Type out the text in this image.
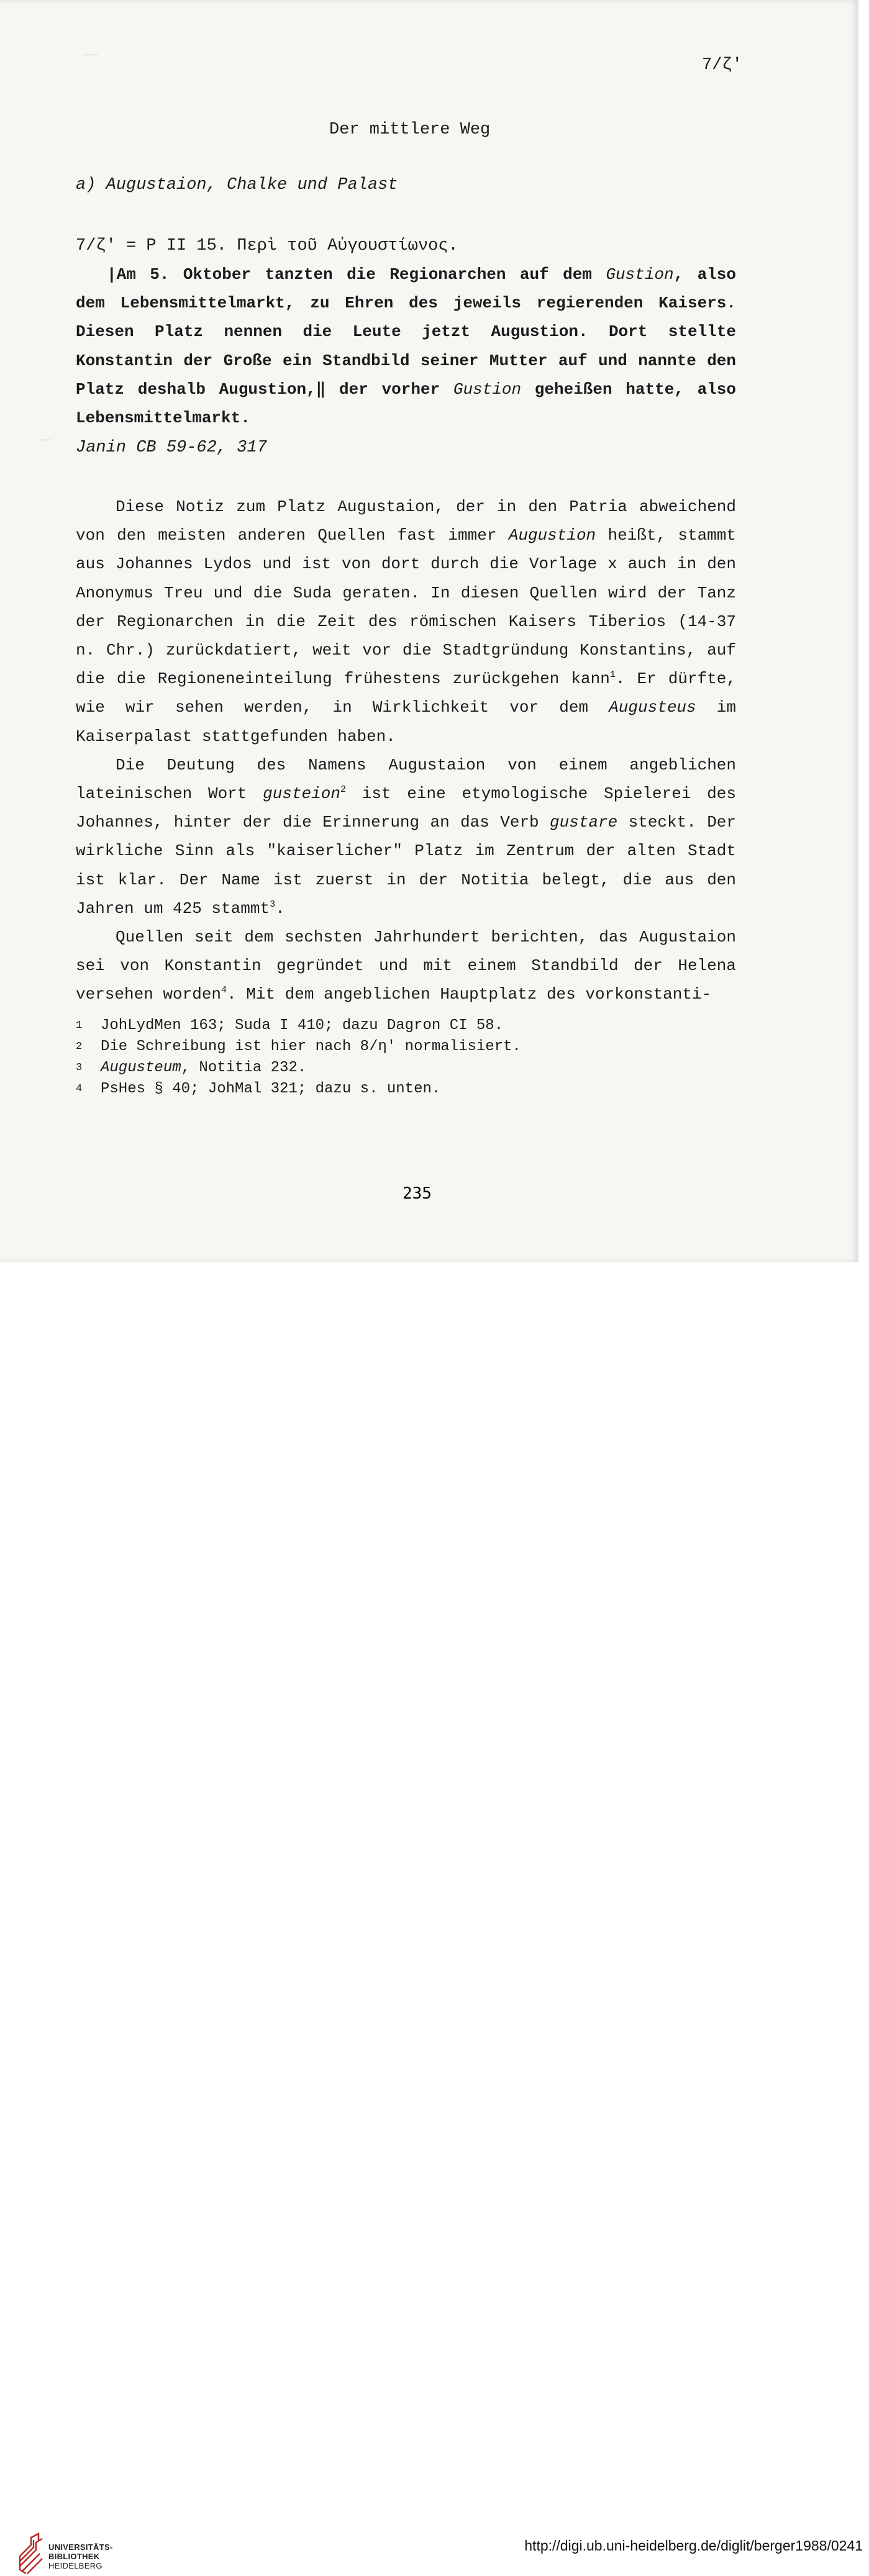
7/ζ'
Der mittlere Weg
a) Augustaion, Chalke und Palast
7/ζ' = P II 15. Περὶ τοῦ Αὐγουστίωνος.

|Am 5. Oktober tanzten die Regionarchen auf dem Gustion, also dem Lebensmittelmarkt, zu Ehren des jeweils regierenden Kaisers. Diesen Platz nennen die Leute jetzt Augustion. Dort stellte Konstantin der Große ein Standbild seiner Mutter auf und nannte den Platz deshalb Augustion,‖ der vorher Gustion geheißen hatte, also Lebensmittelmarkt.

Janin CB 59-62, 317

Diese Notiz zum Platz Augustaion, der in den Patria abweichend von den meisten anderen Quellen fast immer Augustion heißt, stammt aus Johannes Lydos und ist von dort durch die Vorlage x auch in den Anonymus Treu und die Suda geraten. In diesen Quellen wird der Tanz der Regionarchen in die Zeit des römischen Kaisers Tiberios (14-37 n. Chr.) zurückdatiert, weit vor die Stadtgründung Konstantins, auf die die Regioneneinteilung frühestens zurückgehen kann$^1$. Er dürfte, wie wir sehen werden, in Wirklichkeit vor dem Augusteus im Kaiserpalast stattgefunden haben.

Die Deutung des Namens Augustaion von einem angeblichen lateinischen Wort gusteion$^2$ ist eine etymologische Spielerei des Johannes, hinter der die Erinnerung an das Verb gustare steckt. Der wirkliche Sinn als "kaiserlicher" Platz im Zentrum der alten Stadt ist klar. Der Name ist zuerst in der Notitia belegt, die aus den Jahren um 425 stammt$^3$.

Quellen seit dem sechsten Jahrhundert berichten, das Augustaion sei von Konstantin gegründet und mit einem Standbild der Helena versehen worden$^4$. Mit dem angeblichen Hauptplatz des vorkonstanti-

1	JohLydMen 163; Suda I 410; dazu Dagron CI 58.
2	Die Schreibung ist hier nach 8/η' normalisiert.
3	Augusteum, Notitia 232.
4	PsHes § 40; JohMal 321; dazu s. unten.
235
UNIVERSITÄTS-
BIBLIOTHEK
HEIDELBERG
http://digi.ub.uni-heidelberg.de/diglit/berger1988/0241
